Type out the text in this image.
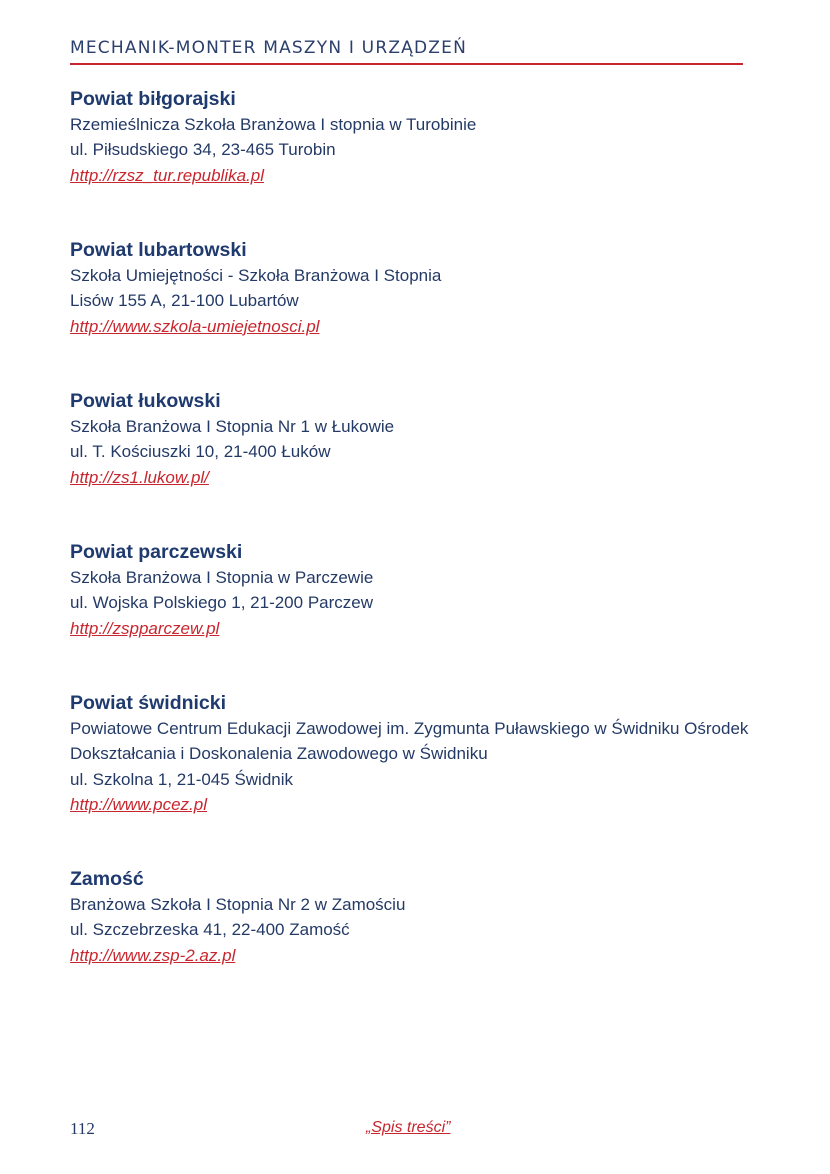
MECHANIK-MONTER MASZYN I URZĄDZEŃ
Powiat biłgorajski
Rzemieślnicza Szkoła Branżowa I stopnia w Turobinie
ul. Piłsudskiego 34, 23-465 Turobin
http://rzsz_tur.republika.pl
Powiat lubartowski
Szkoła Umiejętności - Szkoła Branżowa I Stopnia
Lisów 155 A, 21-100 Lubartów
http://www.szkola-umiejetnosci.pl
Powiat łukowski
Szkoła Branżowa I Stopnia Nr 1 w Łukowie
ul. T. Kościuszki 10, 21-400 Łuków
http://zs1.lukow.pl/
Powiat parczewski
Szkoła Branżowa I Stopnia w Parczewie
ul. Wojska Polskiego 1, 21-200 Parczew
http://zspparczew.pl
Powiat świdnicki
Powiatowe Centrum Edukacji Zawodowej im. Zygmunta Puławskiego w Świdniku Ośrodek
Dokształcania i Doskonalenia Zawodowego w Świdniku
ul. Szkolna 1, 21-045 Świdnik
http://www.pcez.pl
Zamość
Branżowa Szkoła I Stopnia Nr 2 w Zamościu
ul. Szczebrzeska 41, 22-400 Zamość
http://www.zsp-2.az.pl
112	„Spis treści”
